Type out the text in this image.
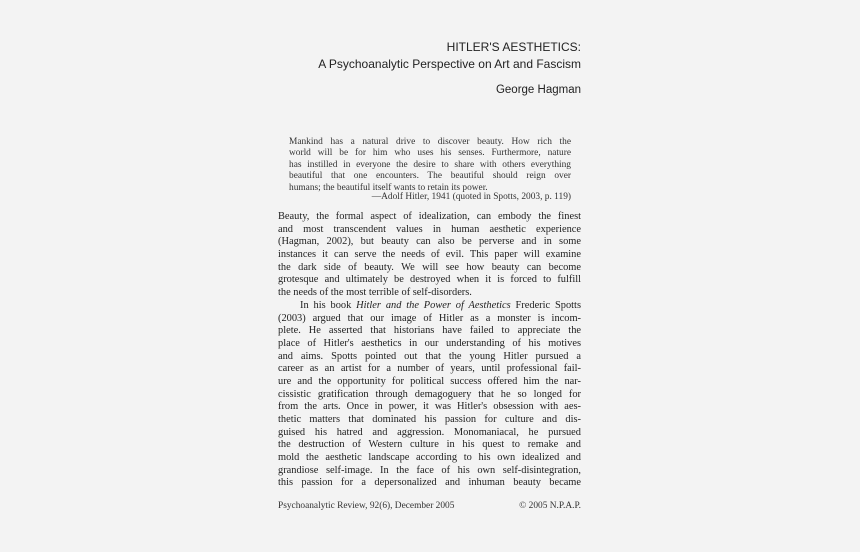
HITLER'S AESTHETICS:
A Psychoanalytic Perspective on Art and Fascism
George Hagman
Mankind has a natural drive to discover beauty. How rich the
world will be for him who uses his senses. Furthermore, nature
has instilled in everyone the desire to share with others everything
beautiful that one encounters. The beautiful should reign over
humans; the beautiful itself wants to retain its power.
—Adolf Hitler, 1941 (quoted in Spotts, 2003, p. 119)
Beauty, the formal aspect of idealization, can embody the finest
and most transcendent values in human aesthetic experience
(Hagman, 2002), but beauty can also be perverse and in some
instances it can serve the needs of evil. This paper will examine
the dark side of beauty. We will see how beauty can become
grotesque and ultimately be destroyed when it is forced to fulfill
the needs of the most terrible of self-disorders.
In his book Hitler and the Power of Aesthetics Frederic Spotts
(2003) argued that our image of Hitler as a monster is incom-
plete. He asserted that historians have failed to appreciate the
place of Hitler's aesthetics in our understanding of his motives
and aims. Spotts pointed out that the young Hitler pursued a
career as an artist for a number of years, until professional fail-
ure and the opportunity for political success offered him the nar-
cissistic gratification through demagoguery that he so longed for
from the arts. Once in power, it was Hitler's obsession with aes-
thetic matters that dominated his passion for culture and dis-
guised his hatred and aggression. Monomaniacal, he pursued
the destruction of Western culture in his quest to remake and
mold the aesthetic landscape according to his own idealized and
grandiose self-image. In the face of his own self-disintegration,
this passion for a depersonalized and inhuman beauty became
Psychoanalytic Review, 92(6), December 2005	© 2005 N.P.A.P.
